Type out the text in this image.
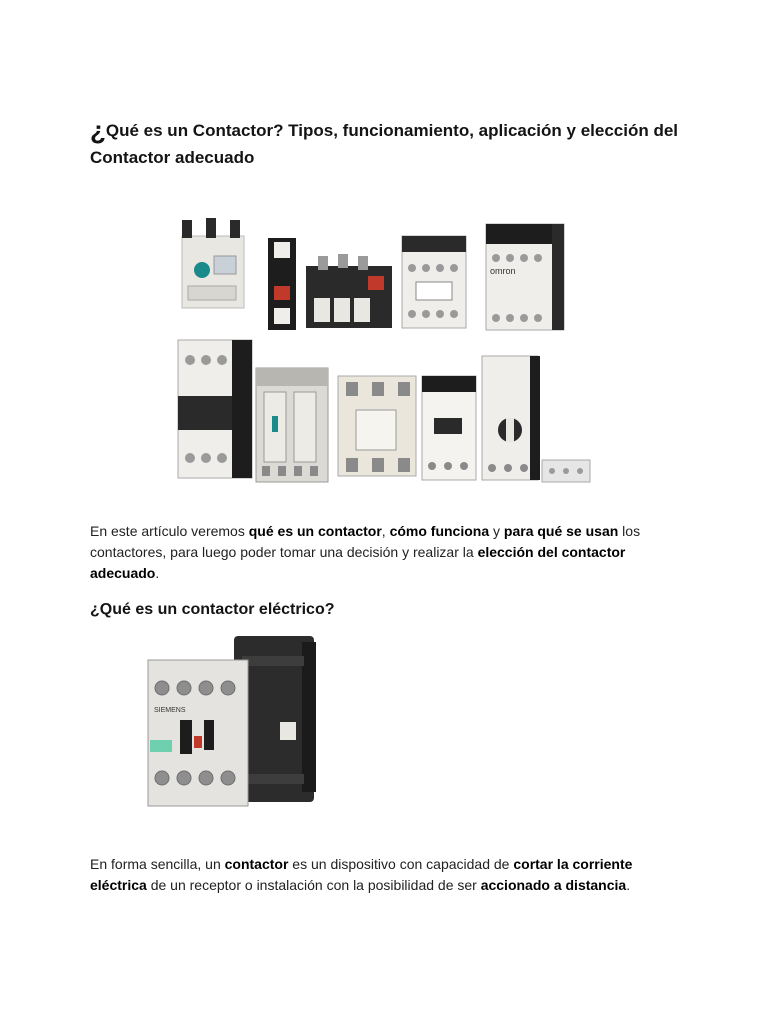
¿Qué es un Contactor? Tipos, funcionamiento, aplicación y elección del Contactor adecuado
omron

En este artículo veremos qué es un contactor, cómo funciona y para qué se usan los contactores, para luego poder tomar una decisión y realizar la elección del contactor adecuado.

¿Qué es un contactor eléctrico?
SIEMENS

En forma sencilla, un contactor es un dispositivo con capacidad de cortar la corriente eléctrica de un receptor o instalación con la posibilidad de ser accionado a distancia.
